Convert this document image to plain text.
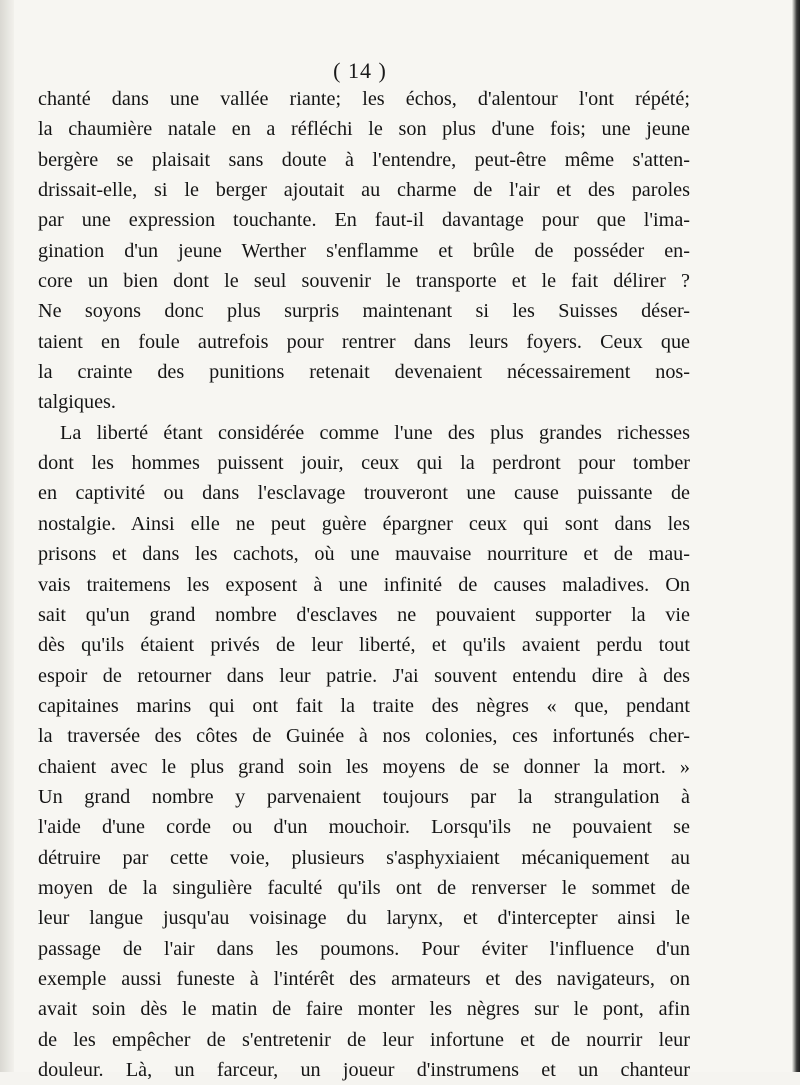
( 14 )
chanté dans une vallée riante; les échos, d'alentour l'ont répété;
la chaumière natale en a réfléchi le son plus d'une fois; une jeune
bergère se plaisait sans doute à l'entendre, peut-être même s'atten-
drissait-elle, si le berger ajoutait au charme de l'air et des paroles
par une expression touchante. En faut-il davantage pour que l'ima-
gination d'un jeune Werther s'enflamme et brûle de posséder en-
core un bien dont le seul souvenir le transporte et le fait délirer ?
Ne soyons donc plus surpris maintenant si les Suisses déser-
taient en foule autrefois pour rentrer dans leurs foyers. Ceux que
la crainte des punitions retenait devenaient nécessairement nos-
talgiques.
La liberté étant considérée comme l'une des plus grandes richesses
dont les hommes puissent jouir, ceux qui la perdront pour tomber
en captivité ou dans l'esclavage trouveront une cause puissante de
nostalgie. Ainsi elle ne peut guère épargner ceux qui sont dans les
prisons et dans les cachots, où une mauvaise nourriture et de mau-
vais traitemens les exposent à une infinité de causes maladives. On
sait qu'un grand nombre d'esclaves ne pouvaient supporter la vie
dès qu'ils étaient privés de leur liberté, et qu'ils avaient perdu tout
espoir de retourner dans leur patrie. J'ai souvent entendu dire à des
capitaines marins qui ont fait la traite des nègres « que, pendant
la traversée des côtes de Guinée à nos colonies, ces infortunés cher-
chaient avec le plus grand soin les moyens de se donner la mort. »
Un grand nombre y parvenaient toujours par la strangulation à
l'aide d'une corde ou d'un mouchoir. Lorsqu'ils ne pouvaient se
détruire par cette voie, plusieurs s'asphyxiaient mécaniquement au
moyen de la singulière faculté qu'ils ont de renverser le sommet de
leur langue jusqu'au voisinage du larynx, et d'intercepter ainsi le
passage de l'air dans les poumons. Pour éviter l'influence d'un
exemple aussi funeste à l'intérêt des armateurs et des navigateurs, on
avait soin dès le matin de faire monter les nègres sur le pont, afin
de les empêcher de s'entretenir de leur infortune et de nourrir leur
douleur. Là, un farceur, un joueur d'instrumens et un chanteur
